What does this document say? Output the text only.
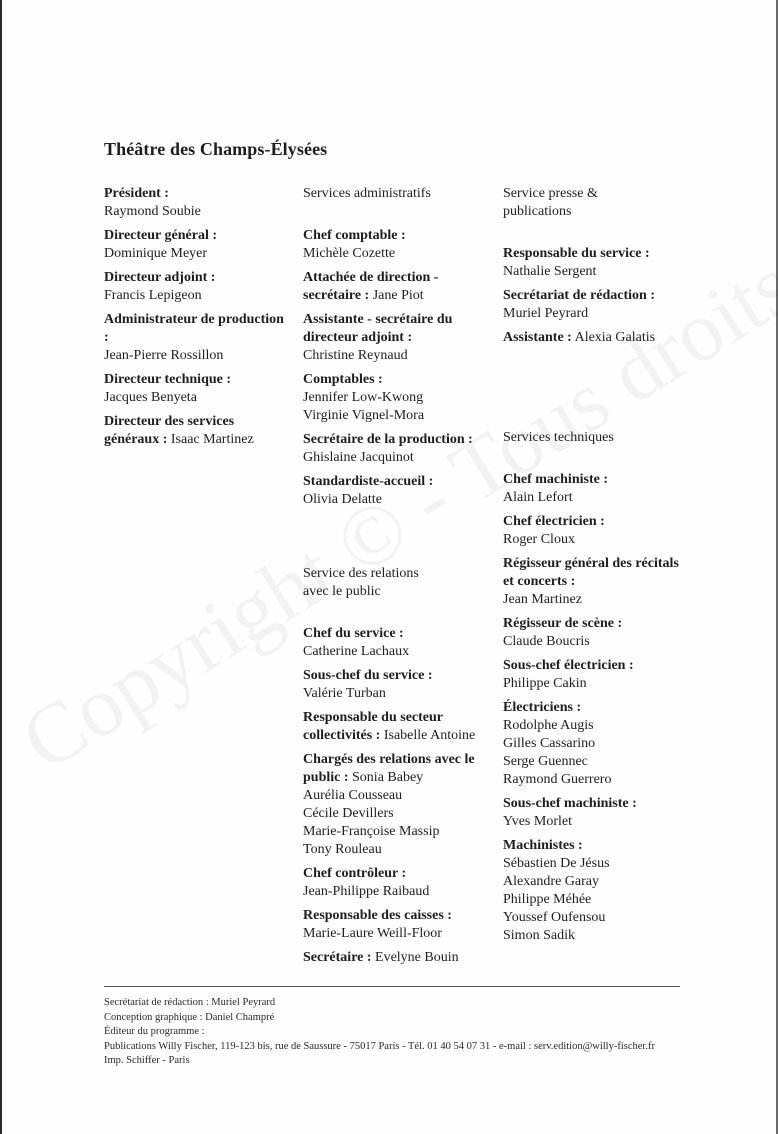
Théâtre des Champs-Élysées
Président :
Raymond Soubie
Directeur général :
Dominique Meyer
Directeur adjoint :
Francis Lepigeon
Administrateur de production :
Jean-Pierre Rossillon
Directeur technique :
Jacques Benyeta
Directeur des services généraux : Isaac Martinez
Services administratifs
Chef comptable :
Michèle Cozette
Attachée de direction - secrétaire : Jane Piot
Assistante - secrétaire du directeur adjoint :
Christine Reynaud
Comptables :
Jennifer Low-Kwong
Virginie Vignel-Mora
Secrétaire de la production :
Ghislaine Jacquinot
Standardiste-accueil :
Olivia Delatte
Service des relations avec le public
Chef du service :
Catherine Lachaux
Sous-chef du service :
Valérie Turban
Responsable du secteur collectivités : Isabelle Antoine
Chargés des relations avec le public : Sonia Babey
Aurélia Cousseau
Cécile Devillers
Marie-Françoise Massip
Tony Rouleau
Chef contrôleur :
Jean-Philippe Raibaud
Responsable des caisses :
Marie-Laure Weill-Floor
Secrétaire : Evelyne Bouin
Service presse & publications
Responsable du service :
Nathalie Sergent
Secrétariat de rédaction :
Muriel Peyrard
Assistante : Alexia Galatis
Services techniques
Chef machiniste :
Alain Lefort
Chef électricien :
Roger Cloux
Régisseur général des récitals et concerts :
Jean Martinez
Régisseur de scène :
Claude Boucris
Sous-chef électricien :
Philippe Cakin
Électriciens :
Rodolphe Augis
Gilles Cassarino
Serge Guennec
Raymond Guerrero
Sous-chef machiniste :
Yves Morlet
Machinistes :
Sébastien De Jésus
Alexandre Garay
Philippe Méhée
Youssef Oufensou
Simon Sadik
Secrétariat de rédaction : Muriel Peyrard
Conception graphique : Daniel Champré
Éditeur du programme :
Publications Willy Fischer, 119-123 bis, rue de Saussure - 75017 Paris - Tél. 01 40 54 07 31 - e-mail : serv.edition@willy-fischer.fr
Imp. Schiffer - Paris
